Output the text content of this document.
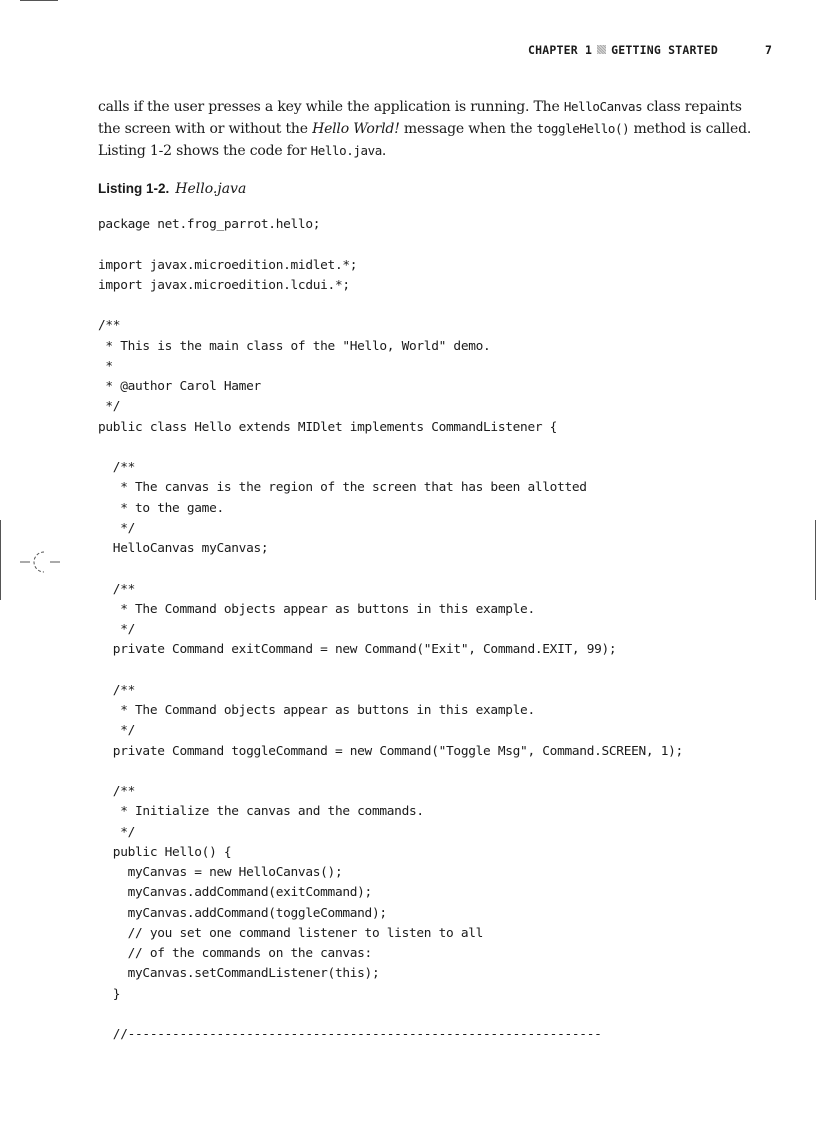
CHAPTER 1 GETTING STARTED	7
calls if the user presses a key while the application is running. The HelloCanvas class repaints
the screen with or without the Hello World! message when the toggleHello() method is called.
Listing 1-2 shows the code for Hello.java.
Listing 1-2. Hello.java
package net.frog_parrot.hello;
import javax.microedition.midlet.*;
import javax.microedition.lcdui.*;
/**
* This is the main class of the "Hello, World" demo.
*
* @author Carol Hamer
*/
public class Hello extends MIDlet implements CommandListener {
/**
* The canvas is the region of the screen that has been allotted
* to the game.
*/
HelloCanvas myCanvas;
/**
* The Command objects appear as buttons in this example.
*/
private Command exitCommand = new Command("Exit", Command.EXIT, 99);
/**
* The Command objects appear as buttons in this example.
*/
private Command toggleCommand = new Command("Toggle Msg", Command.SCREEN, 1);
/**
* Initialize the canvas and the commands.
*/
public Hello() {
myCanvas = new HelloCanvas();
myCanvas.addCommand(exitCommand);
myCanvas.addCommand(toggleCommand);
// you set one command listener to listen to all
// of the commands on the canvas:
myCanvas.setCommandListener(this);
}
//----------------------------------------------------------------
